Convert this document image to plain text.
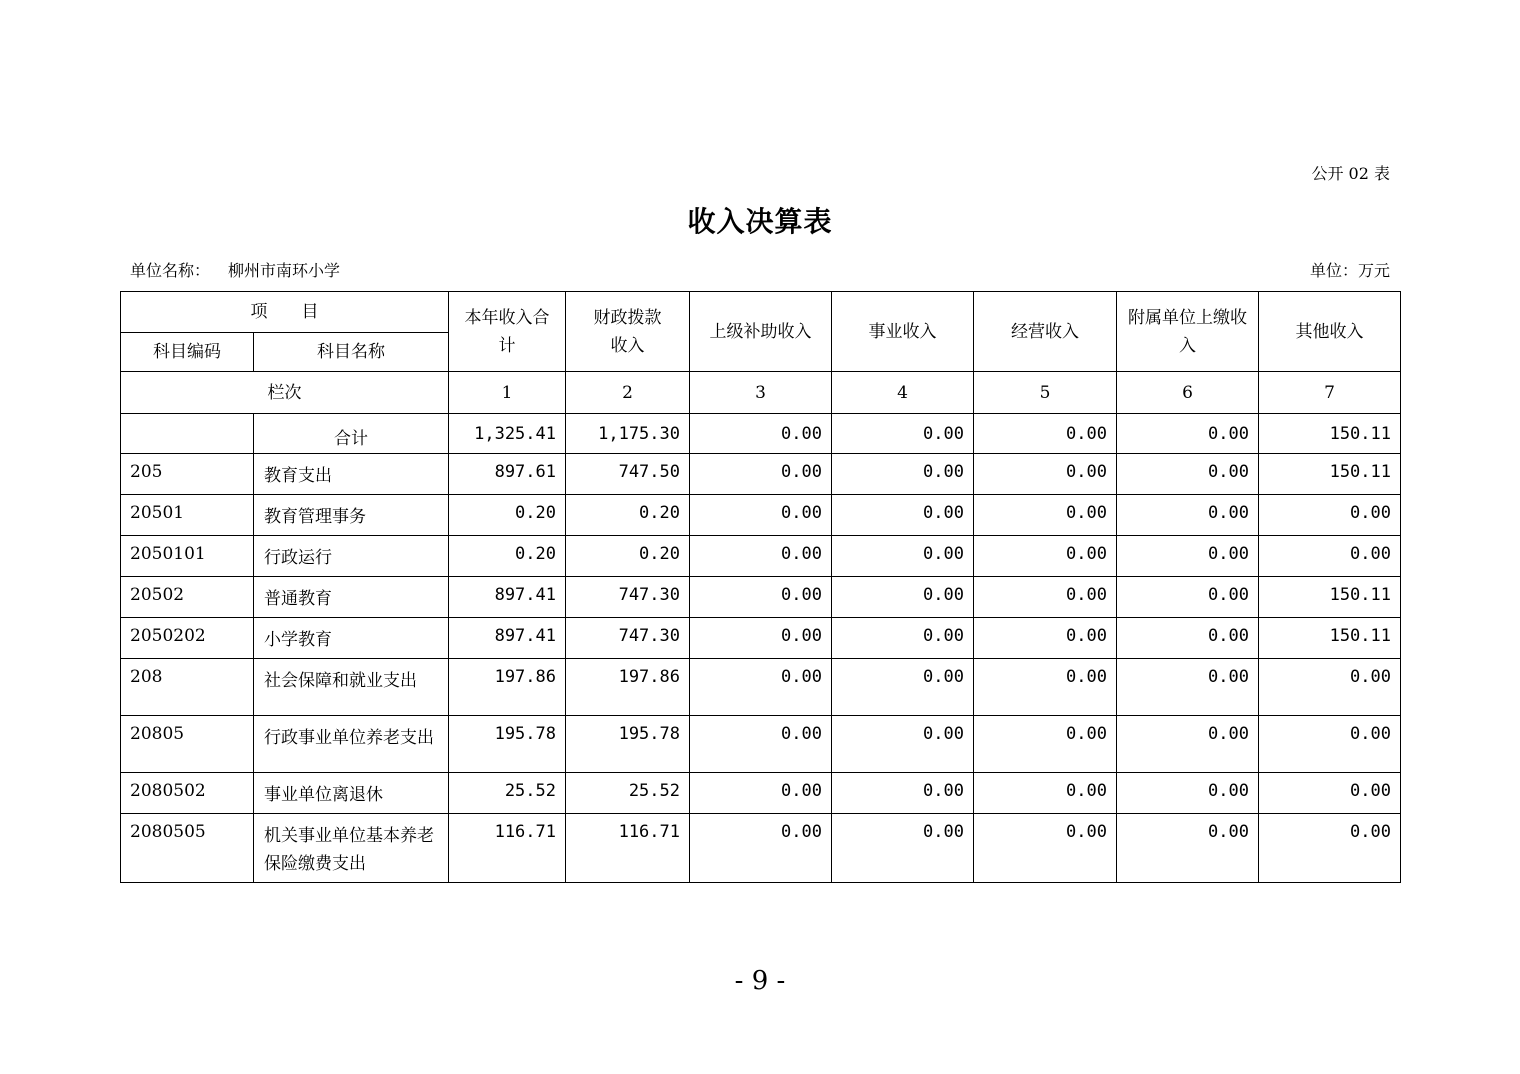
公开 02 表
收入决算表
单位名称： 柳州市南环小学	单位：万元
项　　目		本年收入合计	财政拨款收入	上级补助收入	事业收入	经营收入	附属单位上缴收入	其他收入
科目编码	科目名称							
栏次		1	2	3	4	5	6	7
	合计	1,325.41	1,175.30	0.00	0.00	0.00	0.00	150.11
205	教育支出	897.61	747.50	0.00	0.00	0.00	0.00	150.11
20501	教育管理事务	0.20	0.20	0.00	0.00	0.00	0.00	0.00
2050101	行政运行	0.20	0.20	0.00	0.00	0.00	0.00	0.00
20502	普通教育	897.41	747.30	0.00	0.00	0.00	0.00	150.11
2050202	小学教育	897.41	747.30	0.00	0.00	0.00	0.00	150.11
208	社会保障和就业支出	197.86	197.86	0.00	0.00	0.00	0.00	0.00
20805	行政事业单位养老支出	195.78	195.78	0.00	0.00	0.00	0.00	0.00
2080502	事业单位离退休	25.52	25.52	0.00	0.00	0.00	0.00	0.00
2080505	机关事业单位基本养老保险缴费支出	116.71	116.71	0.00	0.00	0.00	0.00	0.00
- 9 -
